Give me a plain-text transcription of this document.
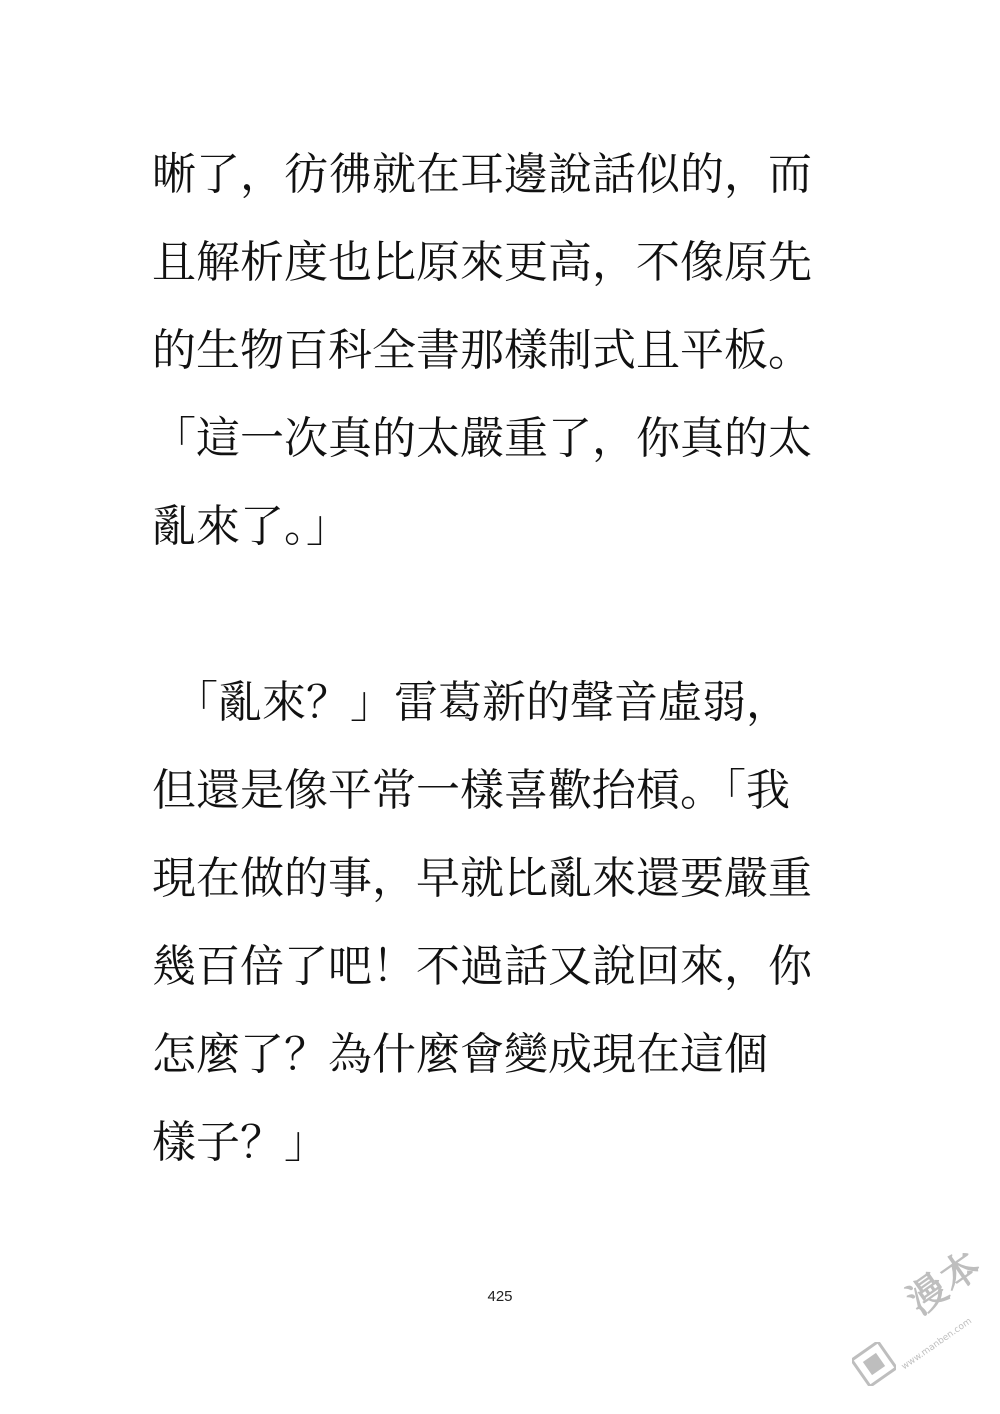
晰了，彷彿就在耳邊說話似的，而
且解析度也比原來更高，不像原先
的生物百科全書那樣制式且平板。
「這一次真的太嚴重了，你真的太
亂來了。」
　「亂來？」雷葛新的聲音虛弱，
但還是像平常一樣喜歡抬槓。「我
現在做的事，早就比亂來還要嚴重
幾百倍了吧！不過話又說回來，你
怎麼了？為什麼會變成現在這個
樣子？」
425	漫本
www.manben.com
